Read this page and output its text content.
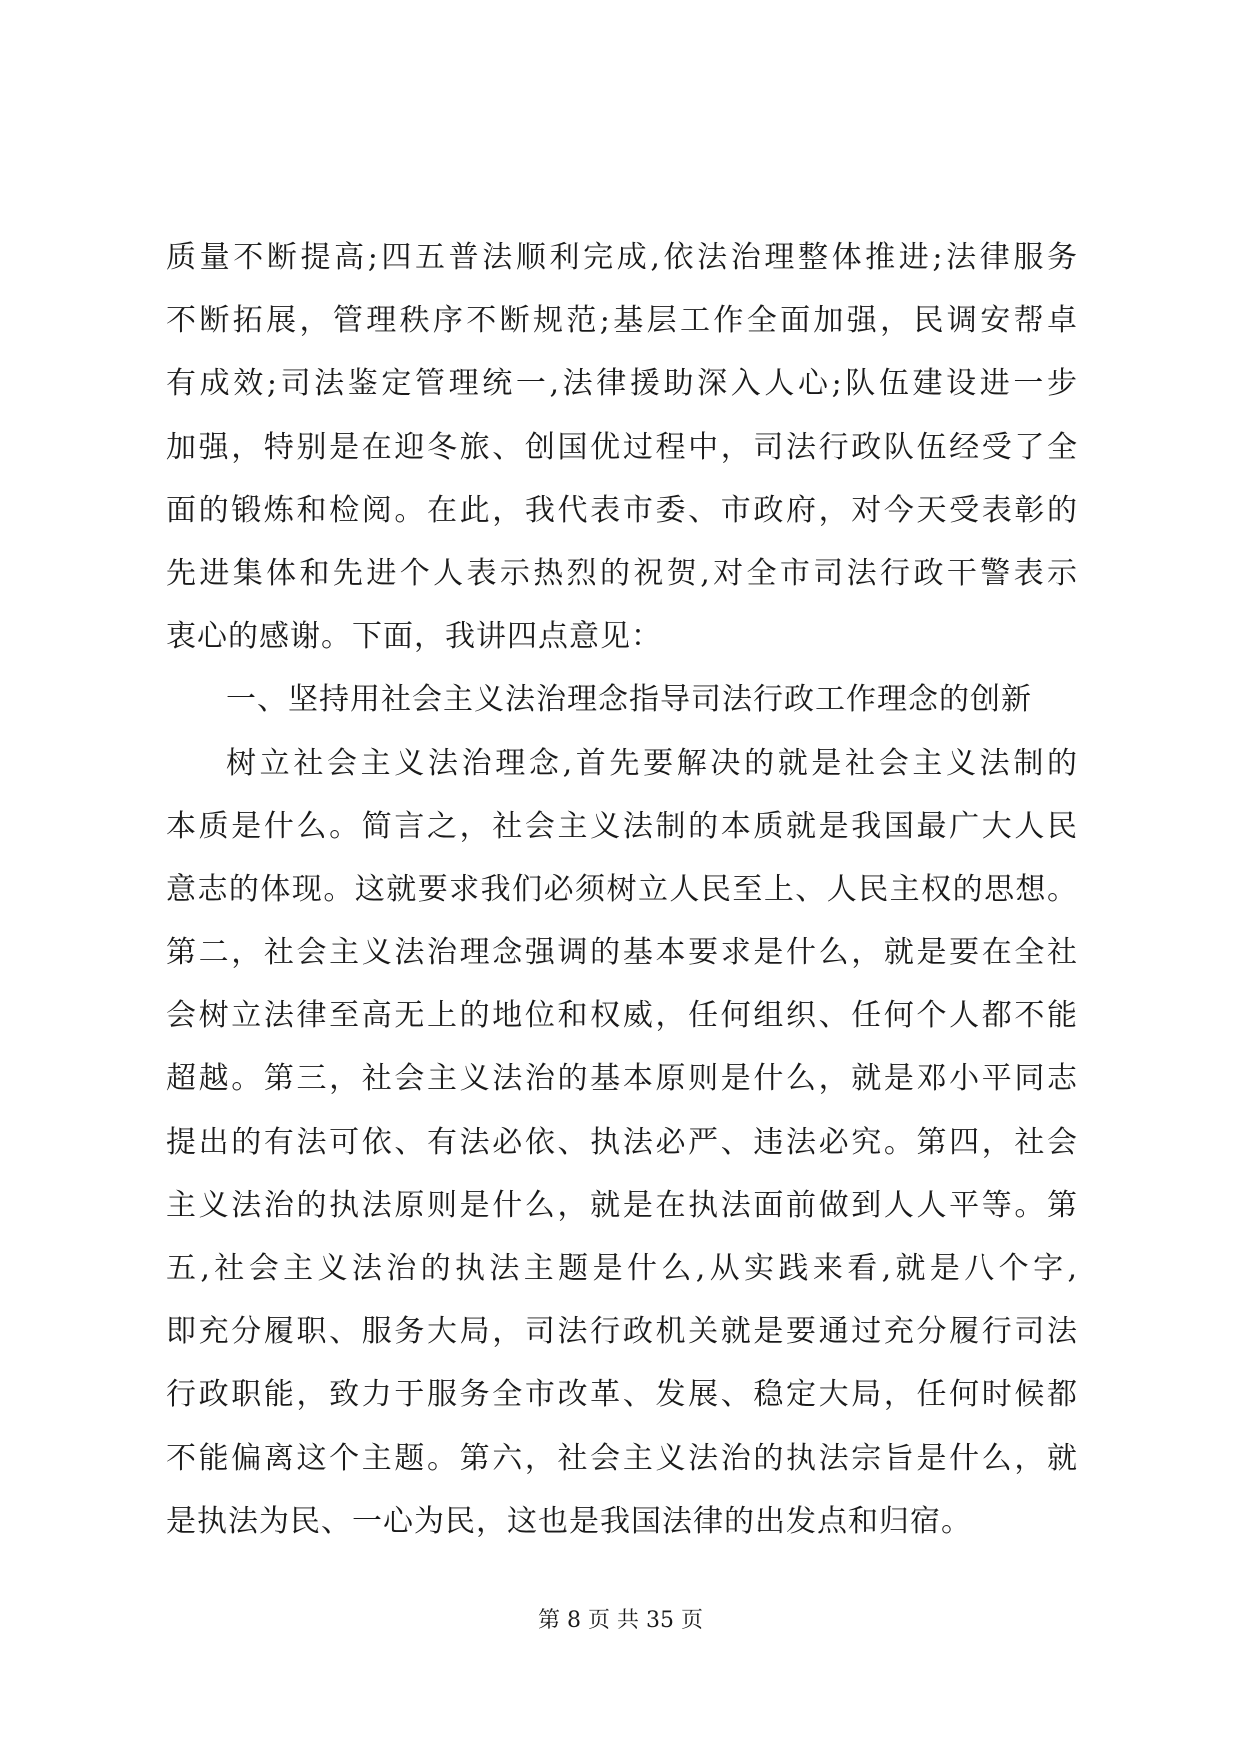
质量不断提高;四五普法顺利完成,依法治理整体推进;法律服务
不断拓展，管理秩序不断规范;基层工作全面加强，民调安帮卓
有成效;司法鉴定管理统一,法律援助深入人心;队伍建设进一步
加强，特别是在迎冬旅、创国优过程中，司法行政队伍经受了全
面的锻炼和检阅。在此，我代表市委、市政府，对今天受表彰的
先进集体和先进个人表示热烈的祝贺,对全市司法行政干警表示
衷心的感谢。下面，我讲四点意见：
一、坚持用社会主义法治理念指导司法行政工作理念的创新
树立社会主义法治理念,首先要解决的就是社会主义法制的
本质是什么。简言之，社会主义法制的本质就是我国最广大人民
意志的体现。这就要求我们必须树立人民至上、人民主权的思想。
第二，社会主义法治理念强调的基本要求是什么，就是要在全社
会树立法律至高无上的地位和权威，任何组织、任何个人都不能
超越。第三，社会主义法治的基本原则是什么，就是邓小平同志
提出的有法可依、有法必依、执法必严、违法必究。第四，社会
主义法治的执法原则是什么，就是在执法面前做到人人平等。第
五,社会主义法治的执法主题是什么,从实践来看,就是八个字,
即充分履职、服务大局，司法行政机关就是要通过充分履行司法
行政职能，致力于服务全市改革、发展、稳定大局，任何时候都
不能偏离这个主题。第六，社会主义法治的执法宗旨是什么，就
是执法为民、一心为民，这也是我国法律的出发点和归宿。
第 8 页 共 35 页
